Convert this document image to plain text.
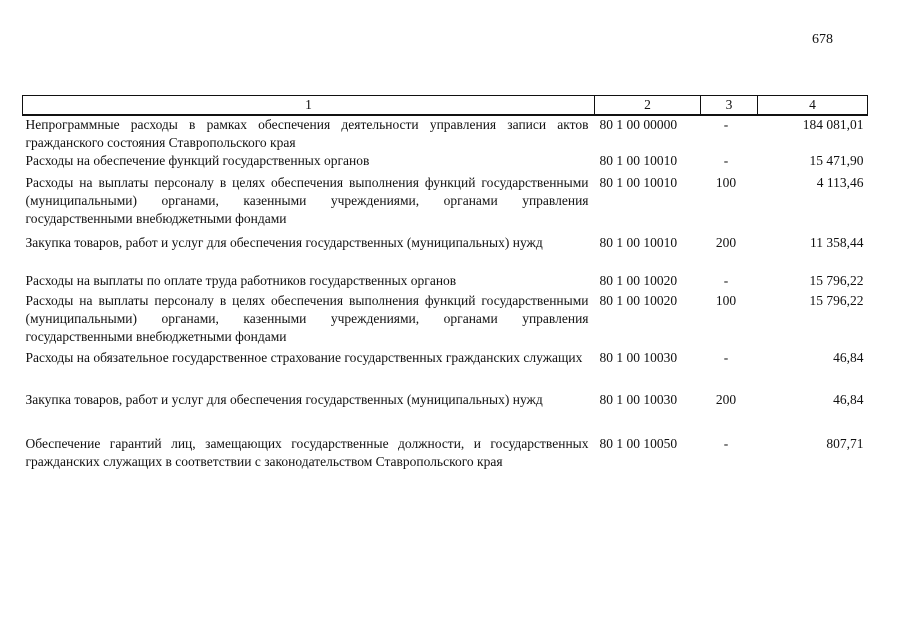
678
1	2	3	4
Непрограммные расходы в рамках обеспечения деятельности управления записи актов гражданского состояния Ставропольского края	80 1 00 00000	-	184 081,01
Расходы на обеспечение функций государственных органов	80 1 00 10010	-	15 471,90
Расходы на выплаты персоналу в целях обеспечения выполнения функций государственными (муниципальными) органами, казенными учреждениями, органами управления государственными внебюджетными фондами	80 1 00 10010	100	4 113,46
Закупка товаров, работ и услуг для обеспечения государственных (муниципальных) нужд	80 1 00 10010	200	11 358,44
Расходы на выплаты по оплате труда работников государственных органов	80 1 00 10020	-	15 796,22
Расходы на выплаты персоналу в целях обеспечения выполнения функций государственными (муниципальными) органами, казенными учреждениями, органами управления государственными внебюджетными фондами	80 1 00 10020	100	15 796,22
Расходы на обязательное государственное страхование государственных гражданских служащих	80 1 00 10030	-	46,84
Закупка товаров, работ и услуг для обеспечения государственных (муниципальных) нужд	80 1 00 10030	200	46,84
Обеспечение гарантий лиц, замещающих государственные должности, и государственных гражданских служащих в соответствии с законодательством Ставропольского края	80 1 00 10050	-	807,71
